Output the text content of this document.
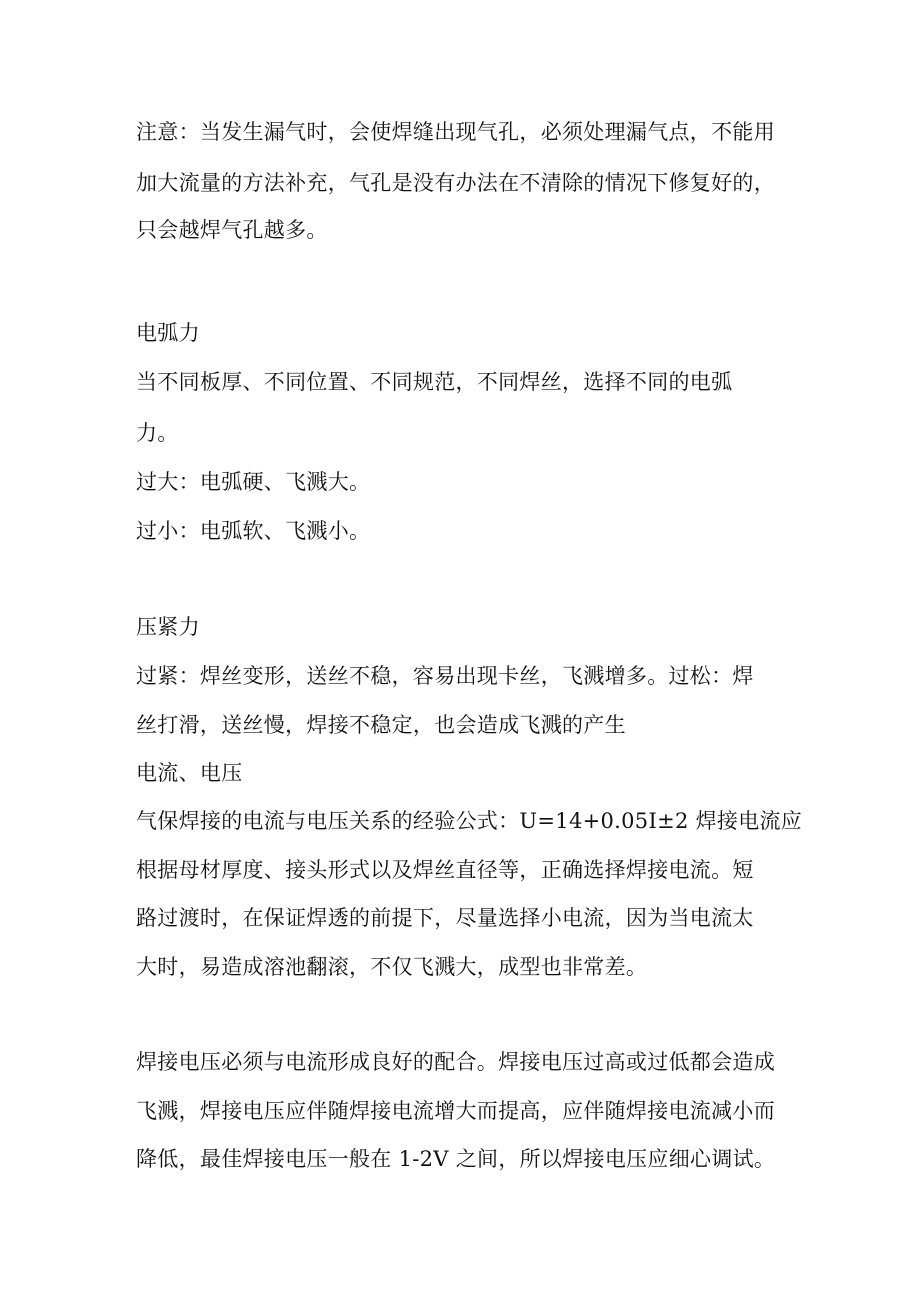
注意：当发生漏气时，会使焊缝出现气孔，必须处理漏气点，不能用
加大流量的方法补充，气孔是没有办法在不清除的情况下修复好的，
只会越焊气孔越多。
电弧力
当不同板厚、不同位置、不同规范，不同焊丝，选择不同的电弧
力。
过大：电弧硬、飞溅大。
过小：电弧软、飞溅小。
压紧力
过紧：焊丝变形，送丝不稳，容易出现卡丝，飞溅增多。过松：焊
丝打滑，送丝慢，焊接不稳定，也会造成飞溅的产生
电流、电压
气保焊接的电流与电压关系的经验公式：U=14+0.05I±2 焊接电流应
根据母材厚度、接头形式以及焊丝直径等，正确选择焊接电流。短
路过渡时，在保证焊透的前提下，尽量选择小电流，因为当电流太
大时，易造成溶池翻滚，不仅飞溅大，成型也非常差。
焊接电压必须与电流形成良好的配合。焊接电压过高或过低都会造成
飞溅，焊接电压应伴随焊接电流增大而提高，应伴随焊接电流减小而
降低，最佳焊接电压一般在 1-2V 之间，所以焊接电压应细心调试。
